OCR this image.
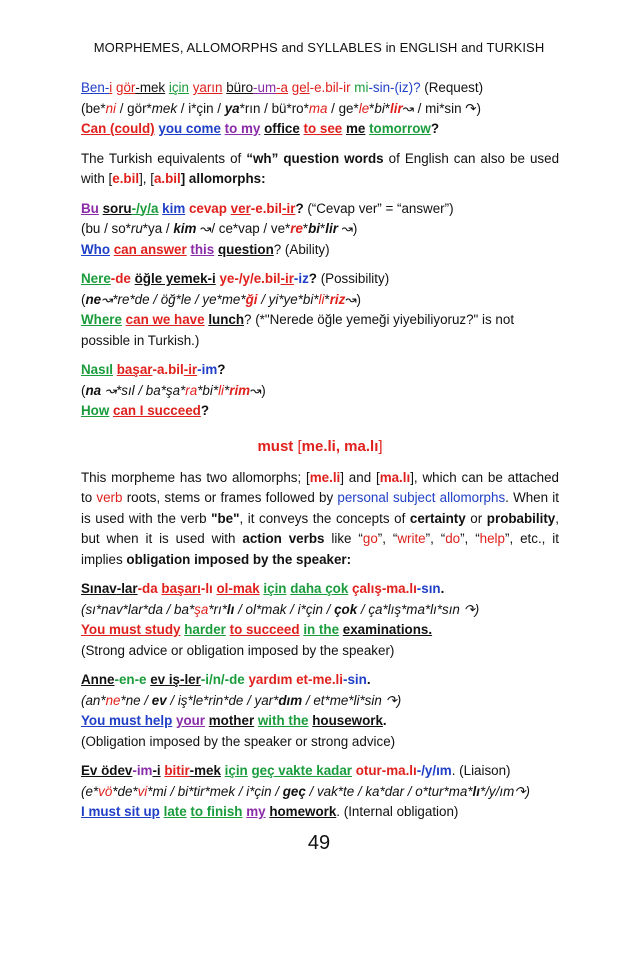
MORPHEMES, ALLOMORPHS and SYLLABLES in ENGLISH and TURKISH
Ben-i gör-mek için yarın büro-um-a gel-e.bil-ir mi-sin-(iz)? (Request)
(be*ni / gör*mek / i*çin / ya*rın / bü*ro*ma / ge*le*bi*lir↝ / mi*sin ↷)
Can (could) you come to my office to see me tomorrow?
The Turkish equivalents of “wh” question words of English can also be used with [e.bil], [a.bil] allomorphs:
Bu soru-/y/a kim cevap ver-e.bil-ir? (“Cevap ver” = “answer”)
(bu / so*ru*ya / kim ↝/ ce*vap / ve*re*bi*lir ↝)
Who can answer this question? (Ability)
Nere-de öğle yemek-i ye-/y/e.bil-ir-iz? (Possibility)
(ne↝*re*de / öğ*le / ye*me*ği / yi*ye*bi*li*riz↝)
Where can we have lunch? (*"Nerede öğle yemeği yiyebiliyoruz?" is not possible in Turkish.)
Nasıl başar-a.bil-ir-im?
(na ↝*sıl / ba*şa*ra*bi*li*rim↝)
How can I succeed?
must [me.li, ma.lı]
This morpheme has two allomorphs; [me.li] and [ma.lı], which can be attached to verb roots, stems or frames followed by personal subject allomorphs. When it is used with the verb "be", it conveys the concepts of certainty or probability, but when it is used with action verbs like “go”, “write”, “do”, “help”, etc., it implies obligation imposed by the speaker:
Sınav-lar-da başarı-lı ol-mak için daha çok çalış-ma.lı-sın.
(sı*nav*lar*da / ba*şa*rı*lı / ol*mak / i*çin / çok / ça*lış*ma*lı*sın ↷)
You must study harder to succeed in the examinations.
(Strong advice or obligation imposed by the speaker)
Anne-en-e ev iş-ler-i/n/-de yardım et-me.li-sin.
(an*ne*ne / ev / iş*le*rin*de / yar*dım / et*me*li*sin ↷)
You must help your mother with the housework.
(Obligation imposed by the speaker or strong advice)
Ev ödev-im-i bitir-mek için geç vakte kadar otur-ma.lı-/y/ım. (Liaison)
(e*vö*de*vi*mi / bi*tir*mek / i*çin / geç / vak*te / ka*dar / o*tur*ma*lı*/y/ım↷)
I must sit up late to finish my homework. (Internal obligation)
49
